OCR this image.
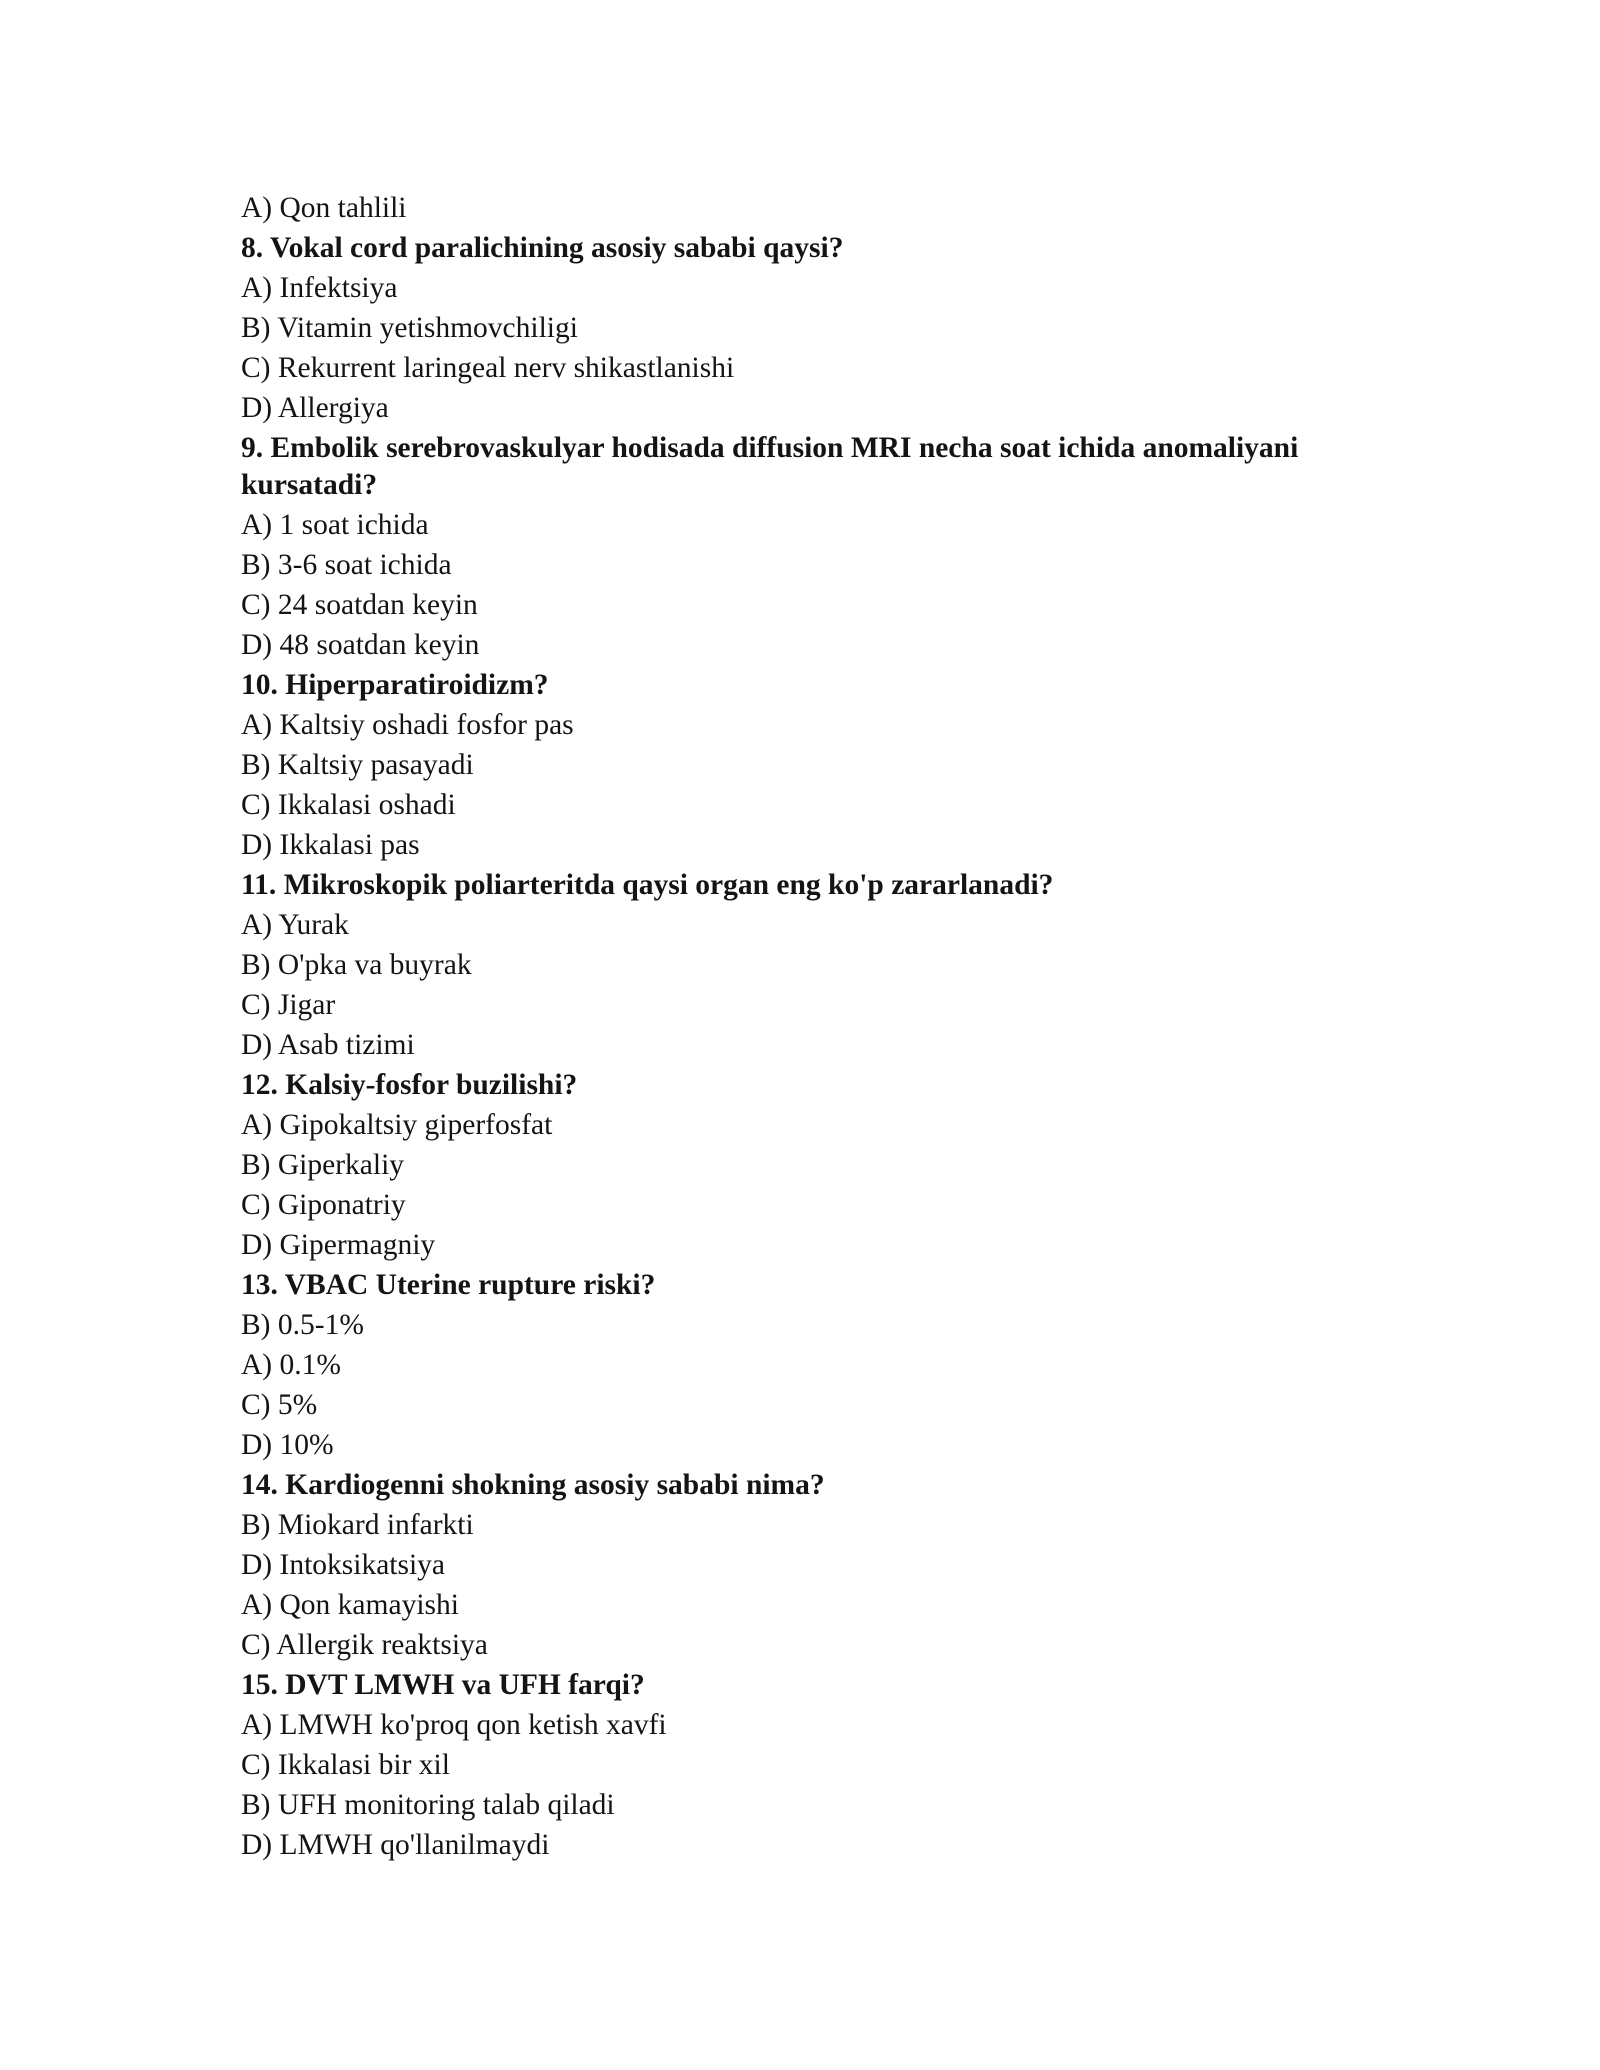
A) Qon tahlili
8. Vokal cord paralichining asosiy sababi qaysi?
A) Infektsiya
B) Vitamin yetishmovchiligi
C) Rekurrent laringeal nerv shikastlanishi
D) Allergiya
9. Embolik serebrovaskulyar hodisada diffusion MRI necha soat ichida anomaliyani kursatadi?
A) 1 soat ichida
B) 3-6 soat ichida
C) 24 soatdan keyin
D) 48 soatdan keyin
10. Hiperparatiroidizm?
A) Kaltsiy oshadi fosfor pas
B) Kaltsiy pasayadi
C) Ikkalasi oshadi
D) Ikkalasi pas
11. Mikroskopik poliarteritda qaysi organ eng ko'p zararlanadi?
A) Yurak
B) O'pka va buyrak
C) Jigar
D) Asab tizimi
12. Kalsiy-fosfor buzilishi?
A) Gipokaltsiy giperfosfat
B) Giperkaliy
C) Giponatriy
D) Gipermagniy
13. VBAC Uterine rupture riski?
B) 0.5-1%
A) 0.1%
C) 5%
D) 10%
14. Kardiogenni shokning asosiy sababi nima?
B) Miokard infarkti
D) Intoksikatsiya
A) Qon kamayishi
C) Allergik reaktsiya
15. DVT LMWH va UFH farqi?
A) LMWH ko'proq qon ketish xavfi
C) Ikkalasi bir xil
B) UFH monitoring talab qiladi
D) LMWH qo'llanilmaydi
